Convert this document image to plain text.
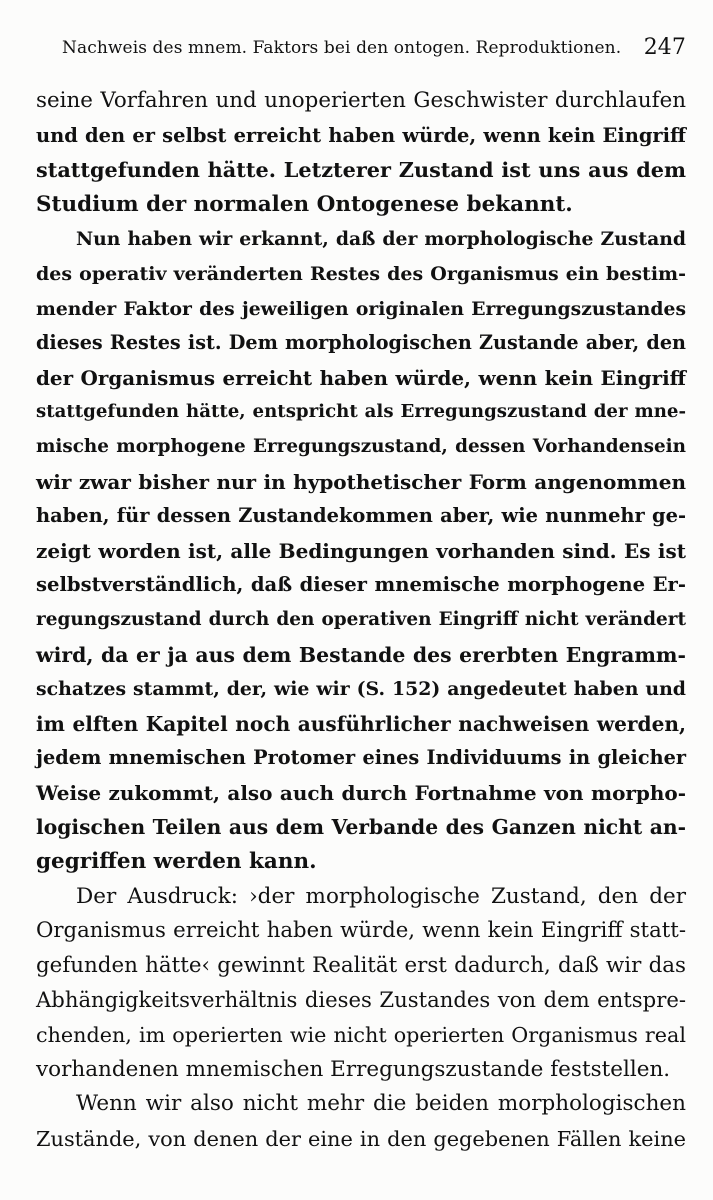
Nachweis des mnem. Faktors bei den ontogen. Reproduktionen. 247
seine Vorfahren und unoperierten Geschwister durchlaufen
und den er selbst erreicht haben würde, wenn kein Eingriff
stattgefunden hätte. Letzterer Zustand ist uns aus dem
Studium der normalen Ontogenese bekannt.
Nun haben wir erkannt, daß der morphologische Zustand
des operativ veränderten Restes des Organismus ein bestim-
mender Faktor des jeweiligen originalen Erregungszustandes
dieses Restes ist. Dem morphologischen Zustande aber, den
der Organismus erreicht haben würde, wenn kein Eingriff
stattgefunden hätte, entspricht als Erregungszustand der mne-
mische morphogene Erregungszustand, dessen Vorhandensein
wir zwar bisher nur in hypothetischer Form angenommen
haben, für dessen Zustandekommen aber, wie nunmehr ge-
zeigt worden ist, alle Bedingungen vorhanden sind. Es ist
selbstverständlich, daß dieser mnemische morphogene Er-
regungszustand durch den operativen Eingriff nicht verändert
wird, da er ja aus dem Bestande des ererbten Engramm-
schatzes stammt, der, wie wir (S. 152) angedeutet haben und
im elften Kapitel noch ausführlicher nachweisen werden,
jedem mnemischen Protomer eines Individuums in gleicher
Weise zukommt, also auch durch Fortnahme von morpho-
logischen Teilen aus dem Verbande des Ganzen nicht an-
gegriffen werden kann.
Der Ausdruck: ›der morphologische Zustand, den der
Organismus erreicht haben würde, wenn kein Eingriff statt-
gefunden hätte‹ gewinnt Realität erst dadurch, daß wir das
Abhängigkeitsverhältnis dieses Zustandes von dem entspre-
chenden, im operierten wie nicht operierten Organismus real
vorhandenen mnemischen Erregungszustande feststellen.
Wenn wir also nicht mehr die beiden morphologischen
Zustände, von denen der eine in den gegebenen Fällen keine
